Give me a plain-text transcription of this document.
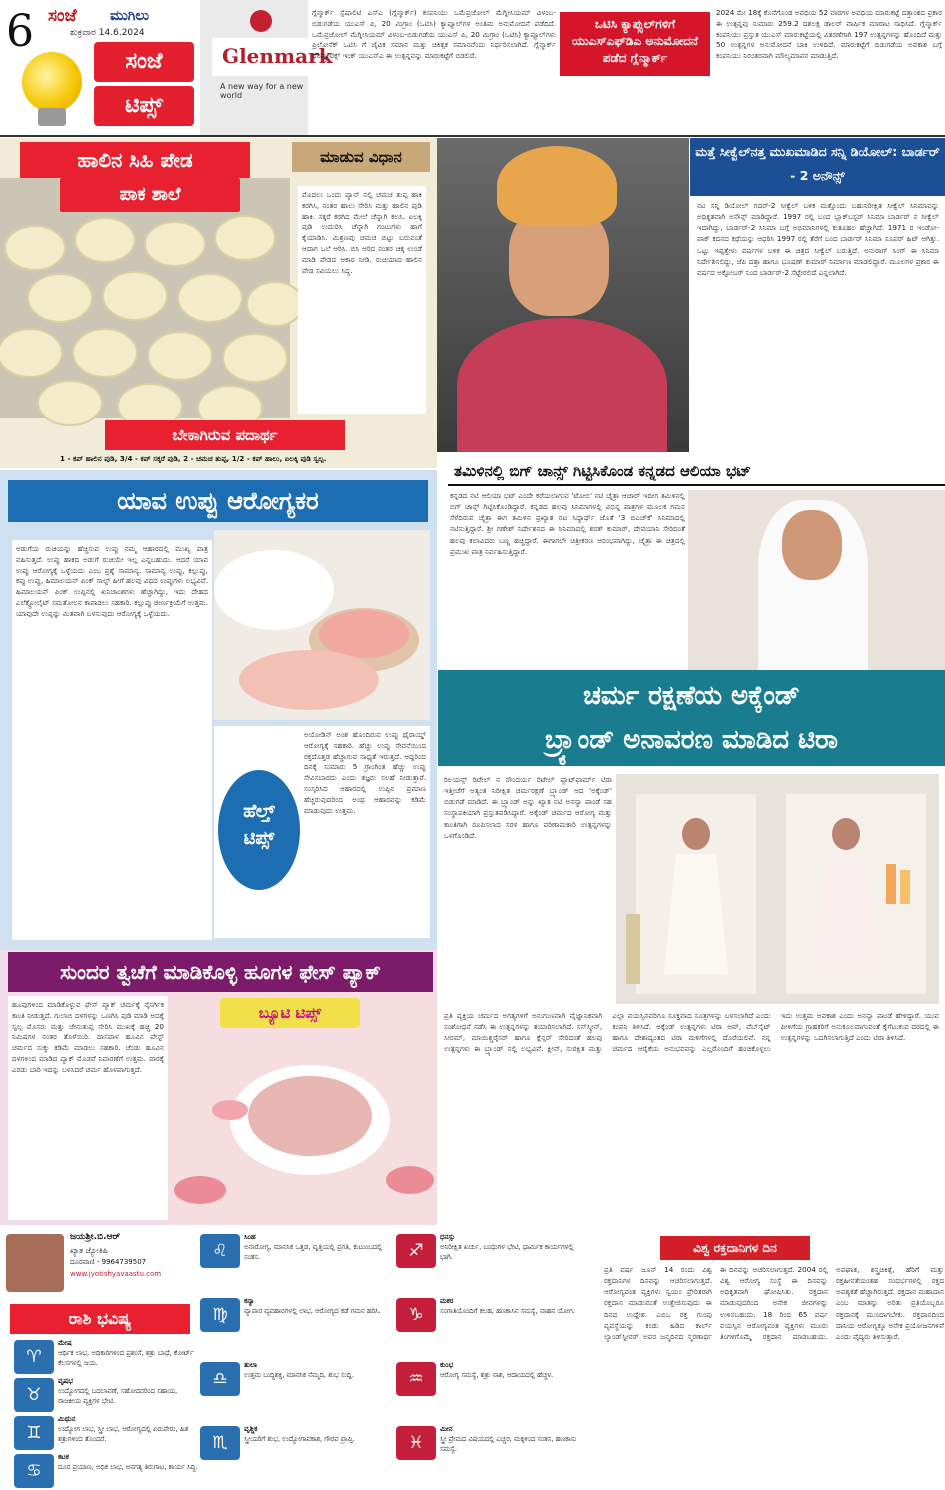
6 ಸಂಜೆ ಮುಗಿಲು
ಶುಕ್ರವಾರ 14.6.2024
ಸಂಜೆ
ಟಿಪ್ಸ್
Glenmark
A new way for a new world
ಗ್ಲೆನ್ಮಾರ್ಕ್ ಸ್ಪೆಷಾಲಿಟಿ ಎಸ್‌ಎ (ಗ್ಲೆನ್ಮಾರ್ಕ್) ಕಂಪನಿಯು ಒಮೆಪ್ರಜೋಲ್ ಮೆಗ್ನೀಸಿಯಮ್ ವಿಳಂಬ-ಬಿಡುಗಡೆಯ ಯುಎಸ್ ಪಿ, 20 ಮಿಗ್ರಾಂ (ಒಟಿಸಿ) ಕ್ಯಾಪ್ಸೂಲ್‌ಗಳ ಅಂತಿಮ ಅನುಮೋದನೆ ಪಡೆದಿದೆ. ಒಮೆಪ್ರಜೋಲ್ ಮೆಗ್ನೀಸಿಯಮ್ ವಿಳಂಬ-ಬಿಡುಗಡೆಯ ಯುಎಸ್ ಪಿ, 20 ಮಿಗ್ರಾಂ (ಒಟಿಸಿ) ಕ್ಯಾಪ್ಸೂಲ್‌ಗಳು ಪ್ರಿಲೋಸೆಕ್ ಒಟಿಸಿ ಗೆ ಜೈವಿಕ ಸಮಾನ ಮತ್ತು ಚಿಕಿತ್ಸಕ ಸಮಾನವೆಂದು ನಿರ್ಧರಿಸಲಾಗಿದೆ. ಗ್ಲೆನ್ಮಾರ್ಕ್ ಥೆರಪ್ಯೂಟಿಕ್ಸ್ ಇಂಕ್ ಯುಎಸ್‌ಎ ಈ ಉತ್ಪನ್ನವನ್ನು ಮಾರುಕಟ್ಟೆಗೆ ಬಿಡಲಿದೆ.
ಒಟಿಸಿ ಕ್ಯಾಪ್ಸುಲ್‌ಗಳಿಗೆ ಯುಎಸ್‌ಎಫ್‌ಡಿಎ ಅನುಮೋದನೆ ಪಡೆದ ಗ್ಲೆನ್ಮಾರ್ಕ್
2024 ಮೇ 18ಕ್ಕೆ ಕೊನೆಗೊಂಡ ಅವಧಿಯ 52 ವಾರಗಳ ಅವಧಿಯ ಮಾರುಕಟ್ಟೆ ದತ್ತಾಂಶದ ಪ್ರಕಾರ ಈ ಉತ್ಪನ್ನವು ಸುಮಾರು 259.2 ದಶಲಕ್ಷ ಡಾಲರ್ ವಾರ್ಷಿಕ ಮಾರಾಟ ಸಾಧಿಸಿದೆ. ಗ್ಲೆನ್ಮಾರ್ಕ್ ಕಂಪನಿಯು ಪ್ರಸ್ತುತ ಯುಎಸ್ ಮಾರುಕಟ್ಟೆಯಲ್ಲಿ ವಿತರಣೆಗಾಗಿ 197 ಉತ್ಪನ್ನಗಳನ್ನು ಹೊಂದಿದೆ ಮತ್ತು 50 ಉತ್ಪನ್ನಗಳ ಅನುಮೋದನೆ ಬಾಕಿ ಉಳಿದಿದೆ. ಮಾರುಕಟ್ಟೆಗೆ ಬಿಡುಗಡೆಯ ಅವಕಾಶ ಬಗ್ಗೆ ಕಂಪನಿಯು ನಿರಂತರವಾಗಿ ಮೌಲ್ಯಮಾಪನ ಮಾಡುತ್ತಿದೆ.
ಹಾಲಿನ ಸಿಹಿ ಪೇಡ	ಮಾಡುವ ವಿಧಾನ
ಪಾಕ ಶಾಲೆ	ಮೊದಲು ಒಂದು ಪ್ಯಾನ್ ನಲ್ಲಿ ಚಮಚ ತುಪ್ಪ ಹಾಕಿ ಕರಗಿಸಿ, ನಂತರ ಹಾಲು ಸೇರಿಸಿ ಮತ್ತು ಹಾಲಿನ ಪುಡಿ ಹಾಕಿ. ಸಕ್ಕರೆ ಕರಗಿದ ಮೇಲೆ ಚೆನ್ನಾಗಿ ಕಲಸಿ. ಏಲಕ್ಕಿ ಪುಡಿ ಉದುರಿಸಿ ಚೆನ್ನಾಗಿ ಗಂಟುಗಳು ಹಾಗೆ ಕೈಯಾಡಿಸಿ. ಮಿಶ್ರಣವು ಚಮಚ ಬಿಟ್ಟು ಬರುವಂತೆ ಆದಾಗ ಒಲೆ ಆರಿಸಿ. ಬಿಸಿ ಆರಿದ ನಂತರ ಚಿಕ್ಕ ಉಂಡೆ ಮಾಡಿ ಪೇಡದ ಆಕಾರ ನೀಡಿ. ರುಚಿಯಾದ ಹಾಲಿನ ಪೇಡ ಸವಿಯಲು ಸಿದ್ಧ.
ಬೇಕಾಗಿರುವ ಪದಾರ್ಥ
1 - ಕಪ್ ಹಾಲಿನ ಪುಡಿ, 3/4 - ಕಪ್ ಸಕ್ಕರೆ ಪುಡಿ, 2 - ಚಮಚ ತುಪ್ಪ, 1/2 - ಕಪ್ ಹಾಲು, ಏಲಕ್ಕಿ ಪುಡಿ ಸ್ವಲ್ಪ.
ಮತ್ತೆ ಸೀಕ್ವೆಲ್‌ನತ್ತ ಮುಖಮಾಡಿದ ಸನ್ನಿ ಡಿಯೋಲ್: ಬಾರ್ಡರ್ - 2 ಅನೌನ್ಸ್
ನಟ ಸನ್ನಿ ಡಿಯೋಲ್ ಗದರ್-2 ಸೀಕ್ವೆಲ್ ಬಳಿಕ ಮತ್ತೊಂದು ಬಹುನಿರೀಕ್ಷಿತ ಸೀಕ್ವೆಲ್ ಸಿನಿಮಾವನ್ನು ಅಧಿಕೃತವಾಗಿ ಅನೌನ್ಸ್ ಮಾಡಿದ್ದಾರೆ. 1997 ರಲ್ಲಿ ಬಂದ ಬ್ಲಾಕ್‌ಬಸ್ಟರ್ ಸಿನಿಮಾ ಬಾರ್ಡರ್ ನ ಸೀಕ್ವೆಲ್ ಇದಾಗಿದ್ದು, ಬಾರ್ಡರ್-2 ಸಿನಿಮಾ ಬಗ್ಗೆ ಅಭಿಮಾನಿಗಳಲ್ಲಿ ಕುತೂಹಲ ಹೆಚ್ಚಾಗಿದೆ. 1971 ರ ಇಂಡೋ-ಪಾಕ್ ಕದನದ ಕಥೆಯನ್ನು ಆಧರಿಸಿ 1997 ರಲ್ಲಿ ತೆರೆಗೆ ಬಂದ ಬಾರ್ಡರ್ ಸಿನಿಮಾ ಸೂಪರ್ ಹಿಟ್ ಆಗಿತ್ತು. ಒಟ್ಟು ಇಪ್ಪತ್ತೇಳು ವರ್ಷಗಳ ಬಳಿಕ ಈ ಚಿತ್ರದ ಸೀಕ್ವೆಲ್ ಬರುತ್ತಿದೆ. ಅನುರಾಗ್ ಸಿಂಗ್ ಈ ಸಿನಿಮಾ ನಿರ್ದೇಶಿಸಲಿದ್ದು, ಜೆಪಿ ದತ್ತಾ ಹಾಗೂ ಭೂಷಣ್ ಕುಮಾರ್ ನಿರ್ಮಾಣ ಮಾಡಲಿದ್ದಾರೆ. ಮೂಲಗಳ ಪ್ರಕಾರ ಈ ವರ್ಷದ ಅಕ್ಟೋಬರ್ ನಿಂದ ಬಾರ್ಡರ್-2 ಸೆಟ್ಟೇರಲಿದೆ ಎನ್ನಲಾಗಿದೆ.
ಅಡುಗೆಯ ರುಚಿಯನ್ನು ಹೆಚ್ಚಿಸುವ ಉಪ್ಪು ನಮ್ಮ ಆಹಾರದಲ್ಲಿ ಮುಖ್ಯ ಪಾತ್ರ ವಹಿಸುತ್ತದೆ. ಉಪ್ಪು ಹಾಕದ ಅಡುಗೆ ರುಚಿಯೇ ಇಲ್ಲ ಎನ್ನಬಹುದು. ಆದರೆ ಯಾವ ಉಪ್ಪು ಆರೋಗ್ಯಕ್ಕೆ ಒಳ್ಳೆಯದು ಎಂಬ ಪ್ರಶ್ನೆ ಸಾಮಾನ್ಯ. ಸಾಮಾನ್ಯ ಉಪ್ಪು, ಕಲ್ಲುಪ್ಪು, ಕಪ್ಪು ಉಪ್ಪು, ಹಿಮಾಲಯನ್ ಪಿಂಕ್ ಸಾಲ್ಟ್ ಹೀಗೆ ಹಲವು ವಿಧದ ಉಪ್ಪುಗಳು ಲಭ್ಯವಿವೆ. ಹಿಮಾಲಯನ್ ಪಿಂಕ್ ಉಪ್ಪಿನಲ್ಲಿ ಖನಿಜಾಂಶಗಳು ಹೆಚ್ಚಾಗಿದ್ದು, ಇದು ದೇಹದ ಎಲೆಕ್ಟ್ರೋಲೈಟ್ ಸಮತೋಲನ ಕಾಪಾಡಲು ಸಹಕಾರಿ. ಕಲ್ಲುಪ್ಪು ಜೀರ್ಣಕ್ರಿಯೆಗೆ ಉತ್ತಮ. ಯಾವುದೇ ಉಪ್ಪನ್ನು ಮಿತವಾಗಿ ಬಳಸುವುದು ಆರೋಗ್ಯಕ್ಕೆ ಒಳ್ಳೆಯದು.
ಅಯೋಡಿನ್ ಅಂಶ ಹೊಂದಿರುವ ಉಪ್ಪು ಥೈರಾಯ್ಡ್ ಆರೋಗ್ಯಕ್ಕೆ ಸಹಕಾರಿ. ಹೆಚ್ಚು ಉಪ್ಪು ಸೇವನೆಯಿಂದ ರಕ್ತದೊತ್ತಡ ಹೆಚ್ಚಾಗುವ ಸಾಧ್ಯತೆ ಇರುತ್ತದೆ. ಆದ್ದರಿಂದ ದಿನಕ್ಕೆ ಸುಮಾರು 5 ಗ್ರಾಂಗಿಂತ ಹೆಚ್ಚು ಉಪ್ಪು ಸೇವಿಸಬಾರದು ಎಂದು ತಜ್ಞರು ಸಲಹೆ ನೀಡುತ್ತಾರೆ. ಸಂಸ್ಕರಿಸಿದ ಆಹಾರದಲ್ಲಿ ಉಪ್ಪಿನ ಪ್ರಮಾಣ ಹೆಚ್ಚಿರುವುದರಿಂದ ಅಂಥ ಆಹಾರವನ್ನು ಕಡಿಮೆ ಮಾಡುವುದು ಉತ್ತಮ.
ಹೆಲ್ತ್
ಟಿಪ್ಸ್
ಯಾವ ಉಪ್ಪು ಆರೋಗ್ಯಕರ
ತಮಿಳಿನಲ್ಲಿ ಬಿಗ್ ಚಾನ್ಸ್ ಗಿಟ್ಟಿಸಿಕೊಂಡ ಕನ್ನಡದ ಆಲಿಯಾ ಭಟ್
ಕನ್ನಡದ ನಟಿ ಆಲಿಯಾ ಭಟ್ ಎಂದೇ ಕರೆಯಲಾಗುವ 'ಟೋಬಿ' ನಟಿ ಚೈತ್ರಾ ಆಚಾರ್ ಇದೀಗ ತಮಿಳಿನಲ್ಲಿ ಬಿಗ್ ಚಾನ್ಸ್ ಗಿಟ್ಟಿಸಿಕೊಂಡಿದ್ದಾರೆ. ಕನ್ನಡದ ಹಲವು ಸಿನಿಮಾಗಳಲ್ಲಿ ವಿಭಿನ್ನ ಪಾತ್ರಗಳ ಮೂಲಕ ಗಮನ ಸೆಳೆದಿರುವ ಚೈತ್ರಾ ಈಗ ತಮಿಳಿನ ಪ್ರಖ್ಯಾತ ನಟ ಸಿದ್ಧಾರ್ಥ್ ಜೊತೆ '3 ಬಿಎಚ್‌ಕೆ' ಸಿನಿಮಾದಲ್ಲಿ ನಟಿಸುತ್ತಿದ್ದಾರೆ. ಶ್ರೀ ಗಣೇಶ್ ನಿರ್ದೇಶನದ ಈ ಸಿನಿಮಾದಲ್ಲಿ ಶರತ್ ಕುಮಾರ್, ದೇವಯಾನಿ ಸೇರಿದಂತೆ ಹಲವು ಕಲಾವಿದರು ಬಣ್ಣ ಹಚ್ಚಿದ್ದಾರೆ. ಈಗಾಗಲೇ ಚಿತ್ರೀಕರಣ ಆರಂಭವಾಗಿದ್ದು, ಚೈತ್ರಾ ಈ ಚಿತ್ರದಲ್ಲಿ ಪ್ರಮುಖ ಪಾತ್ರ ನಿರ್ವಹಿಸುತ್ತಿದ್ದಾರೆ.
ಚರ್ಮ ರಕ್ಷಣೆಯ ಅಕ್ಕೆಂಡ್
ಬ್ರ್ಯಾಂಡ್ ಅನಾವರಣ ಮಾಡಿದ ಟಿರಾ
ರಿಲಯನ್ಸ್ ರಿಟೇಲ್ ನ ಸೌಂದರ್ಯ ರಿಟೇಲ್ ಪ್ಲಾಟ್‌ಫಾರ್ಮ್ ಟಿರಾ ಇತ್ತೀಚೆಗೆ ಅತ್ಯಂತ ನಿರೀಕ್ಷಿತ ಚರ್ಮರಕ್ಷಣೆ ಬ್ರ್ಯಾಂಡ್ ಆದ 'ಅಕ್ಕೆಂಡ್' ಬಿಡುಗಡೆ ಮಾಡಿದೆ. ಈ ಬ್ರ್ಯಾಂಡ್ ಅನ್ನು ಖ್ಯಾತ ನಟಿ ಅನನ್ಯಾ ಪಾಂಡೆ ಸಹ ಸಂಸ್ಥಾಪಕಿಯಾಗಿ ಪ್ರಸ್ತುತಪಡಿಸಿದ್ದಾರೆ. ಅಕ್ಕೆಂಡ್ ಚರ್ಮದ ಆರೋಗ್ಯ ಮತ್ತು ಕಾಂತಿಗಾಗಿ ರೂಪಿಸಲಾದ ಸರಳ ಹಾಗೂ ಪರಿಣಾಮಕಾರಿ ಉತ್ಪನ್ನಗಳನ್ನು ಒಳಗೊಂಡಿದೆ.
ಪ್ರತಿ ವ್ಯಕ್ತಿಯ ಚರ್ಮದ ಅಗತ್ಯಗಳಿಗೆ ಅನುಗುಣವಾಗಿ ವೈಜ್ಞಾನಿಕವಾಗಿ ಸಂಶೋಧನೆ ನಡೆಸಿ ಈ ಉತ್ಪನ್ನಗಳನ್ನು ತಯಾರಿಸಲಾಗಿದೆ. ಸನ್‌ಸ್ಕ್ರೀನ್, ಸೀರಮ್, ಮಾಯಿಶ್ಚರೈಸರ್ ಹಾಗೂ ಕ್ಲೆನ್ಸರ್ ಸೇರಿದಂತೆ ಹಲವು ಉತ್ಪನ್ನಗಳು ಈ ಬ್ರ್ಯಾಂಡ್ ನಲ್ಲಿ ಲಭ್ಯವಿವೆ. ಕ್ಲೀನ್, ಸುರಕ್ಷಿತ ಮತ್ತು ಎಲ್ಲಾ ವಯಸ್ಸಿನವರಿಗೂ ಸೂಕ್ತವಾದ ಸೂತ್ರಗಳನ್ನು ಬಳಸಲಾಗಿದೆ ಎಂದು ಕಂಪನಿ ತಿಳಿಸಿದೆ. ಅಕ್ಕೆಂಡ್ ಉತ್ಪನ್ನಗಳು ಟಿರಾ ಆಪ್, ವೆಬ್‌ಸೈಟ್ ಹಾಗೂ ದೇಶಾದ್ಯಂತದ ಟಿರಾ ಮಳಿಗೆಗಳಲ್ಲಿ ದೊರೆಯಲಿವೆ. ನನ್ನ ಚರ್ಮದ ಆರೈಕೆಯ ಅನುಭವವನ್ನು ಎಲ್ಲರೊಂದಿಗೆ ಹಂಚಿಕೊಳ್ಳಲು ಇದು ಉತ್ತಮ ಅವಕಾಶ ಎಂದು ಅನನ್ಯಾ ಪಾಂಡೆ ಹೇಳಿದ್ದಾರೆ. ಯುವ ಪೀಳಿಗೆಯ ಗ್ರಾಹಕರಿಗೆ ಅನುಕೂಲವಾಗುವಂತೆ ಕೈಗೆಟುಕುವ ದರದಲ್ಲಿ ಈ ಉತ್ಪನ್ನಗಳನ್ನು ಒದಗಿಸಲಾಗುತ್ತಿದೆ ಎಂದು ಟಿರಾ ತಿಳಿಸಿದೆ.
ಹೂವುಗಳಿಂದ ಮಾಡಿಕೊಳ್ಳುವ ಫೇಸ್ ಪ್ಯಾಕ್ ಚರ್ಮಕ್ಕೆ ನೈಸರ್ಗಿಕ ಕಾಂತಿ ನೀಡುತ್ತದೆ. ಗುಲಾಬಿ ದಳಗಳನ್ನು ಒಣಗಿಸಿ ಪುಡಿ ಮಾಡಿ ಅದಕ್ಕೆ ಸ್ವಲ್ಪ ಮೊಸರು ಮತ್ತು ಜೇನುತುಪ್ಪ ಸೇರಿಸಿ ಮುಖಕ್ಕೆ ಹಚ್ಚಿ 20 ನಿಮಿಷಗಳ ನಂತರ ತೊಳೆಯಿರಿ. ದಾಸವಾಳ ಹೂವಿನ ಪೇಸ್ಟ್ ಚರ್ಮದ ಸುಕ್ಕು ಕಡಿಮೆ ಮಾಡಲು ಸಹಕಾರಿ. ಚೆಂಡು ಹೂವಿನ ದಳಗಳಿಂದ ಮಾಡಿದ ಪ್ಯಾಕ್ ಮೊಡವೆ ನಿವಾರಣೆಗೆ ಉತ್ತಮ. ವಾರಕ್ಕೆ ಎರಡು ಬಾರಿ ಇದನ್ನು ಬಳಸಿದರೆ ಚರ್ಮ ಹೊಳಪಾಗುತ್ತದೆ.
ಬ್ಯೂಟಿ ಟಿಪ್ಸ್
ಸುಂದರ ತ್ವಚೆಗೆ ಮಾಡಿಕೊಳ್ಳಿ ಹೂಗಳ ಫೇಸ್ ಪ್ಯಾಕ್
ಜಯಶ್ರೀ.ಬಿ.ಆರ್
ಖ್ಯಾತ ಜ್ಯೋತಿಷಿ
ದೂರವಾಣಿ - 9964739507
www.jyotishyavaastu.com
ರಾಶಿ ಭವಿಷ್ಯ
♈
ಮೇಷ
ಆರ್ಥಿಕ ಲಾಭ, ಅಧಿಕಾರಿಗಳಿಂದ ಪ್ರಶಂಸೆ, ಶತ್ರು ಬಾಧೆ, ಕೋರ್ಟ್ ಕೆಲಸಗಳಲ್ಲಿ ಜಯ.
♉
ವೃಷಭ
ಉದ್ಯೋಗದಲ್ಲಿ ಬದಲಾವಣೆ, ಸಹೋದರರಿಂದ ಸಹಾಯ, ರಾಜಕೀಯ ವ್ಯಕ್ತಿಗಳ ಭೇಟಿ.
♊
ಮಿಥುನ
ಉದ್ಯೋಗ ಲಾಭ, ಸ್ತ್ರೀ ಲಾಭ, ಆರೋಗ್ಯದಲ್ಲಿ ಏರುಪೇರು, ಹಿತ ಶತ್ರುಗಳಿಂದ ತೊಂದರೆ.
♋
ಕಟಕ
ದೂರ ಪ್ರಯಾಣ, ಅಧಿಕ ಲಾಭ, ಅನಗತ್ಯ ತಿರುಗಾಟ, ಕಾರ್ಯ ಸಿದ್ಧಿ.
♌
ಸಿಂಹ
ಅನಾರೋಗ್ಯ, ಮಾನಸಿಕ ಒತ್ತಡ, ವೃತ್ತಿಯಲ್ಲಿ ಪ್ರಗತಿ, ಕುಟುಂಬದಲ್ಲಿ ಸಂತಸ.
♍
ಕನ್ಯಾ
ವ್ಯಾಪಾರ ವ್ಯವಹಾರಗಳಲ್ಲಿ ಲಾಭ, ಆರೋಗ್ಯದ ಕಡೆ ಗಮನ ಹರಿಸಿ.
♎
ತುಲಾ
ಉತ್ತಮ ಬುದ್ಧಿಶಕ್ತಿ, ಮಾನಸಿಕ ನೆಮ್ಮದಿ, ಶುಭ ಸುದ್ದಿ.
♏
ವೃಶ್ಚಿಕ
ಸ್ತ್ರೀಯರಿಗೆ ಶುಭ, ಉದ್ಯೋಗಾವಕಾಶ, ಗೌರವ ಪ್ರಾಪ್ತಿ.
♐
ಧನಸ್ಸು
ಅನಿರೀಕ್ಷಿತ ಖರ್ಚು, ಬಂಧುಗಳ ಭೇಟಿ, ಧಾರ್ಮಿಕ ಕಾರ್ಯಗಳಲ್ಲಿ ಭಾಗಿ.
♑
ಮಕರ
ಸಂಗಾತಿಯೊಂದಿಗೆ ಕಲಹ, ಹಣಕಾಸಿನ ಸಮಸ್ಯೆ, ವಾಹನ ಯೋಗ.
♒
ಕುಂಭ
ಆರೋಗ್ಯ ಸಮಸ್ಯೆ, ಶತ್ರು ನಾಶ, ಆದಾಯದಲ್ಲಿ ಹೆಚ್ಚಳ.
♓
ಮೀನ
ಸ್ತ್ರೀ ಪ್ರೇಮದ ವಿಷಯದಲ್ಲಿ ಎಚ್ಚರ, ಮಕ್ಕಳಿಂದ ಸಂತಸ, ಹಣಕಾಸು ಸಮಸ್ಯೆ.
ಪ್ರತಿ ವರ್ಷ ಜೂನ್ 14 ರಂದು ವಿಶ್ವ ರಕ್ತದಾನಿಗಳ ದಿನವನ್ನು ಆಚರಿಸಲಾಗುತ್ತದೆ. ಆರೋಗ್ಯವಂತ ವ್ಯಕ್ತಿಗಳು ಸ್ವಯಂ ಪ್ರೇರಿತರಾಗಿ ರಕ್ತದಾನ ಮಾಡುವಂತೆ ಉತ್ತೇಜಿಸುವುದು ಈ ದಿನದ ಉದ್ದೇಶ. ಎಬಿಒ ರಕ್ತ ಗುಂಪು ವ್ಯವಸ್ಥೆಯನ್ನು ಕಂಡು ಹಿಡಿದ ಕಾರ್ಲ್ ಲ್ಯಾಂಡ್‌ಸ್ಟೀನರ್ ಅವರ ಜನ್ಮದಿನದ ಸ್ಮರಣಾರ್ಥ ಈ ದಿನವನ್ನು ಆಚರಿಸಲಾಗುತ್ತದೆ. 2004 ರಲ್ಲಿ ವಿಶ್ವ ಆರೋಗ್ಯ ಸಂಸ್ಥೆ ಈ ದಿನವನ್ನು ಅಧಿಕೃತವಾಗಿ ಘೋಷಿಸಿತು. ರಕ್ತದಾನ ಮಾಡುವುದರಿಂದ ಅನೇಕ ಜೀವಗಳನ್ನು ಉಳಿಸಬಹುದು. 18 ರಿಂದ 65 ವರ್ಷ ವಯಸ್ಸಿನ ಆರೋಗ್ಯವಂತ ವ್ಯಕ್ತಿಗಳು ಮೂರು ತಿಂಗಳಿಗೊಮ್ಮೆ ರಕ್ತದಾನ ಮಾಡಬಹುದು. ಅಪಘಾತ, ಶಸ್ತ್ರಚಿಕಿತ್ಸೆ, ಹೆರಿಗೆ ಮತ್ತು ರಕ್ತಹೀನತೆಯಂತಹ ಸಂದರ್ಭಗಳಲ್ಲಿ ರಕ್ತದ ಅವಶ್ಯಕತೆ ಹೆಚ್ಚಾಗಿರುತ್ತದೆ. ರಕ್ತದಾನ ಮಹಾದಾನ ಎಂಬ ಮಾತನ್ನು ಅರಿತು ಪ್ರತಿಯೊಬ್ಬರೂ ರಕ್ತದಾನಕ್ಕೆ ಮುಂದಾಗಬೇಕು. ರಕ್ತದಾನದಿಂದ ದಾನಿಯ ಆರೋಗ್ಯಕ್ಕೂ ಅನೇಕ ಪ್ರಯೋಜನಗಳಿವೆ ಎಂದು ವೈದ್ಯರು ತಿಳಿಸುತ್ತಾರೆ.
ವಿಶ್ವ ರಕ್ತದಾನಿಗಳ ದಿನ
